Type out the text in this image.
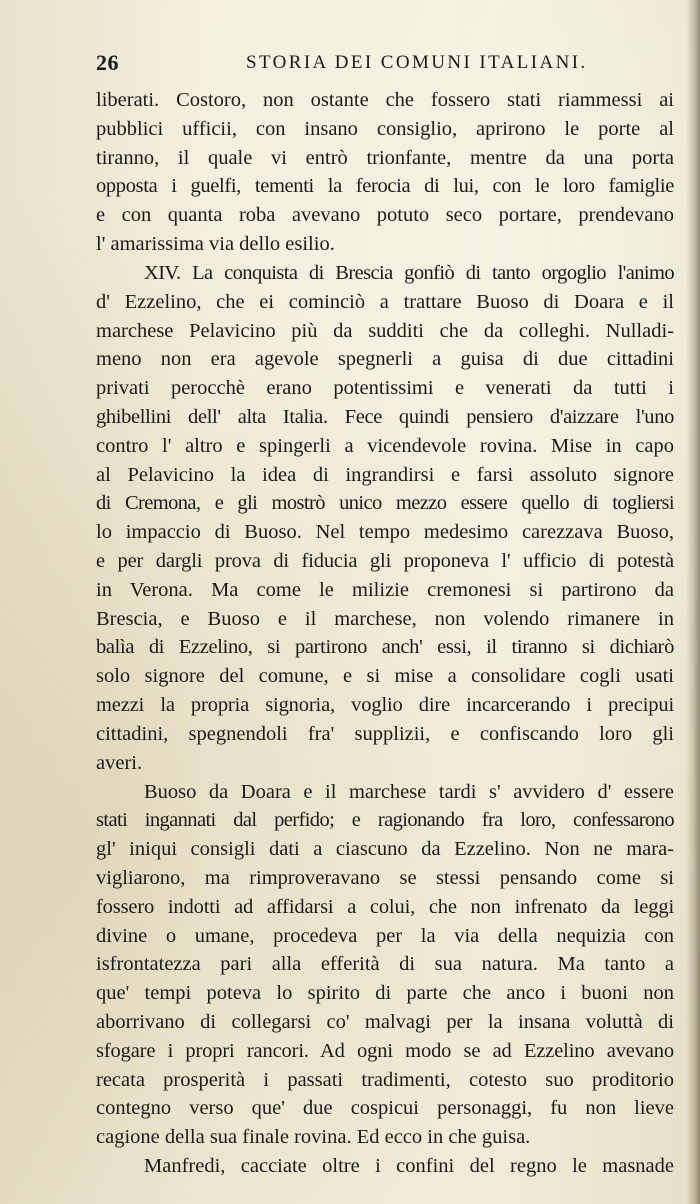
26	STORIA DEI COMUNI ITALIANI.
liberati. Costoro, non ostante che fossero stati riammessi ai
pubblici ufficii, con insano consiglio, aprirono le porte al
tiranno, il quale vi entrò trionfante, mentre da una porta
opposta i guelfi, tementi la ferocia di lui, con le loro famiglie
e con quanta roba avevano potuto seco portare, prendevano
l' amarissima via dello esilio.
XIV. La conquista di Brescia gonfiò di tanto orgoglio l'animo
d' Ezzelino, che ei cominciò a trattare Buoso di Doara e il
marchese Pelavicino più da sudditi che da colleghi. Nulladi-
meno non era agevole spegnerli a guisa di due cittadini
privati perocchè erano potentissimi e venerati da tutti i
ghibellini dell' alta Italia. Fece quindi pensiero d'aizzare l'uno
contro l' altro e spingerli a vicendevole rovina. Mise in capo
al Pelavicino la idea di ingrandirsi e farsi assoluto signore
di Cremona, e gli mostrò unico mezzo essere quello di togliersi
lo impaccio di Buoso. Nel tempo medesimo carezzava Buoso,
e per dargli prova di fiducia gli proponeva l' ufficio di potestà
in Verona. Ma come le milizie cremonesi si partirono da
Brescia, e Buoso e il marchese, non volendo rimanere in
balìa di Ezzelino, si partirono anch' essi, il tiranno si dichiarò
solo signore del comune, e si mise a consolidare cogli usati
mezzi la propria signoria, voglio dire incarcerando i precipui
cittadini, spegnendoli fra' supplizii, e confiscando loro gli
averi.
Buoso da Doara e il marchese tardi s' avvidero d' essere
stati ingannati dal perfido; e ragionando fra loro, confessarono
gl' iniqui consigli dati a ciascuno da Ezzelino. Non ne mara-
vigliarono, ma rimproveravano se stessi pensando come si
fossero indotti ad affidarsi a colui, che non infrenato da leggi
divine o umane, procedeva per la via della nequizia con
isfrontatezza pari alla efferità di sua natura. Ma tanto a
que' tempi poteva lo spirito di parte che anco i buoni non
aborrivano di collegarsi co' malvagi per la insana voluttà di
sfogare i propri rancori. Ad ogni modo se ad Ezzelino avevano
recata prosperità i passati tradimenti, cotesto suo proditorio
contegno verso que' due cospicui personaggi, fu non lieve
cagione della sua finale rovina. Ed ecco in che guisa.
Manfredi, cacciate oltre i confini del regno le masnade
